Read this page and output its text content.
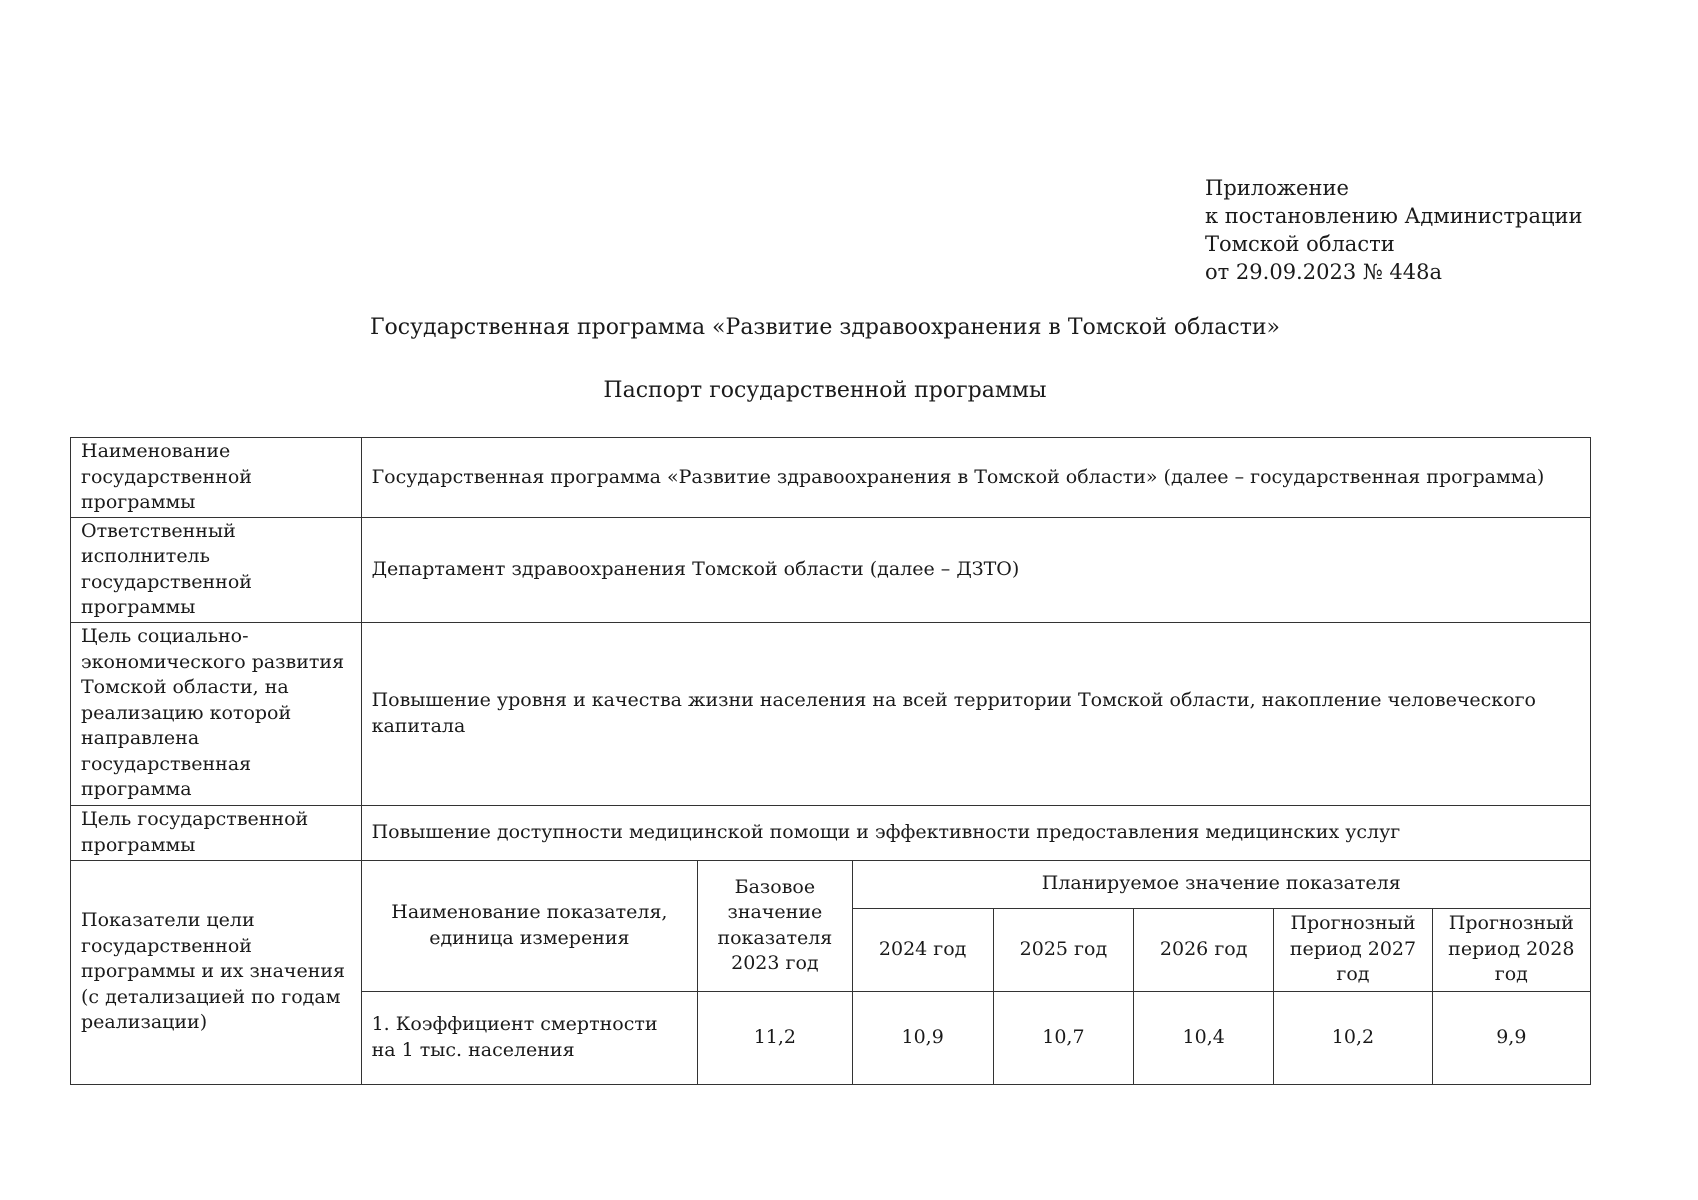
Приложение
к постановлению Администрации
Томской области
от 29.09.2023 № 448а
Государственная программа «Развитие здравоохранения в Томской области»
Паспорт государственной программы
Наименование государственной программы	Государственная программа «Развитие здравоохранения в Томской области» (далее – государственная программа)						
Ответственный исполнитель государственной программы	Департамент здравоохранения Томской области (далее – ДЗТО)						
Цель социально-экономического развития Томской области, на реализацию которой направлена государственная программа	Повышение уровня и качества жизни населения на всей территории Томской области, накопление человеческого капитала						
Цель государственной программы	Повышение доступности медицинской помощи и эффективности предоставления медицинских услуг						
Показатели цели государственной программы и их значения (с детализацией по годам реализации)	Наименование показателя, единица измерения	Базовое значение показателя 2023 год	Планируемое значение показателя				
			2024 год	2025 год	2026 год	Прогнозный период 2027 год	Прогнозный период 2028 год
	1. Коэффициент смертности на 1 тыс. населения	11,2	10,9	10,7	10,4	10,2	9,9
